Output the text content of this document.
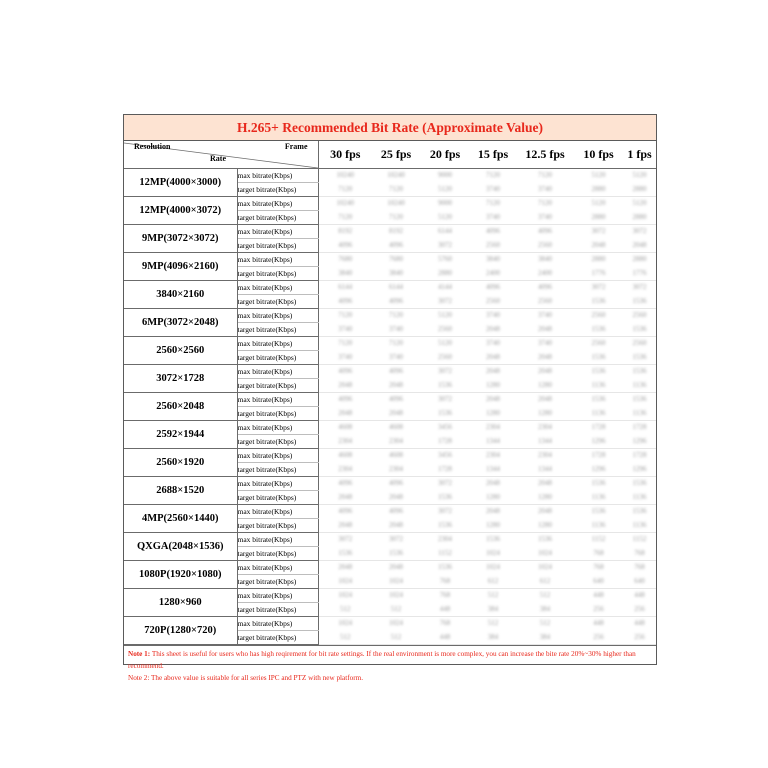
H.265+ Recommended Bit Rate (Approximate Value)
Resolution Frame
Rate		30 fps	25 fps	20 fps	15 fps	12.5 fps	10 fps	1 fps
12MP(4000×3000)	max bitrate(Kbps)	10240	10240	9000	7120	7120	5120	5120
	target bitrate(Kbps)	7120	7120	5120	3740	3740	2880	2880
12MP(4000×3072)	max bitrate(Kbps)	10240	10240	9000	7120	7120	5120	5120
	target bitrate(Kbps)	7120	7120	5120	3740	3740	2880	2880
9MP(3072×3072)	max bitrate(Kbps)	8192	8192	6144	4096	4096	3072	3072
	target bitrate(Kbps)	4096	4096	3072	2560	2560	2048	2048
9MP(4096×2160)	max bitrate(Kbps)	7680	7680	5760	3840	3840	2880	2880
	target bitrate(Kbps)	3840	3840	2880	2400	2400	1776	1776
3840×2160	max bitrate(Kbps)	6144	6144	4144	4096	4096	3072	3072
	target bitrate(Kbps)	4096	4096	3072	2560	2560	1536	1536
6MP(3072×2048)	max bitrate(Kbps)	7120	7120	5120	3740	3740	2560	2560
	target bitrate(Kbps)	3740	3740	2560	2048	2048	1536	1536
2560×2560	max bitrate(Kbps)	7120	7120	5120	3740	3740	2560	2560
	target bitrate(Kbps)	3740	3740	2560	2048	2048	1536	1536
3072×1728	max bitrate(Kbps)	4096	4096	3072	2048	2048	1536	1536
	target bitrate(Kbps)	2048	2048	1536	1280	1280	1136	1136
2560×2048	max bitrate(Kbps)	4096	4096	3072	2048	2048	1536	1536
	target bitrate(Kbps)	2048	2048	1536	1280	1280	1136	1136
2592×1944	max bitrate(Kbps)	4608	4608	3456	2304	2304	1728	1728
	target bitrate(Kbps)	2304	2304	1728	1344	1344	1296	1296
2560×1920	max bitrate(Kbps)	4608	4608	3456	2304	2304	1728	1728
	target bitrate(Kbps)	2304	2304	1728	1344	1344	1296	1296
2688×1520	max bitrate(Kbps)	4096	4096	3072	2048	2048	1536	1536
	target bitrate(Kbps)	2048	2048	1536	1280	1280	1136	1136
4MP(2560×1440)	max bitrate(Kbps)	4096	4096	3072	2048	2048	1536	1536
	target bitrate(Kbps)	2048	2048	1536	1280	1280	1136	1136
QXGA(2048×1536)	max bitrate(Kbps)	3072	3072	2304	1536	1536	1152	1152
	target bitrate(Kbps)	1536	1536	1152	1024	1024	768	768
1080P(1920×1080)	max bitrate(Kbps)	2048	2048	1536	1024	1024	768	768
	target bitrate(Kbps)	1024	1024	768	612	612	640	640
1280×960	max bitrate(Kbps)	1024	1024	768	512	512	448	448
	target bitrate(Kbps)	512	512	448	384	384	256	256
720P(1280×720)	max bitrate(Kbps)	1024	1024	768	512	512	448	448
	target bitrate(Kbps)	512	512	448	384	384	256	256
Note 1: This sheet is useful for users who has high reqirement for bit rate settings. If the real environment is more complex, you can increase the bite rate 20%~30% higher than recommend.
Note 2: The above value is suitable for all series IPC and PTZ with new platform.
